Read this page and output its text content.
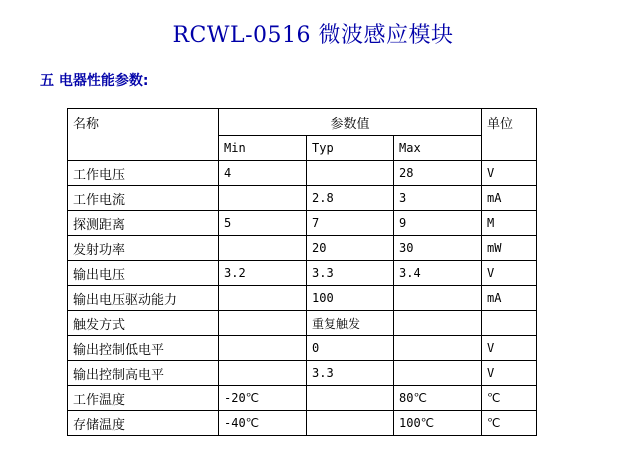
RCWL-0516 微波感应模块
五 电器性能参数:
名称	参数值			单位
	Min	Typ	Max	
工作电压	4		28	V
工作电流		2.8	3	mA
探测距离	5	7	9	M
发射功率		20	30	mW
输出电压	3.2	3.3	3.4	V
输出电压驱动能力		100		mA
触发方式		重复触发		
输出控制低电平		0		V
输出控制高电平		3.3		V
工作温度	-20℃		80℃	℃
存储温度	-40℃		100℃	℃
